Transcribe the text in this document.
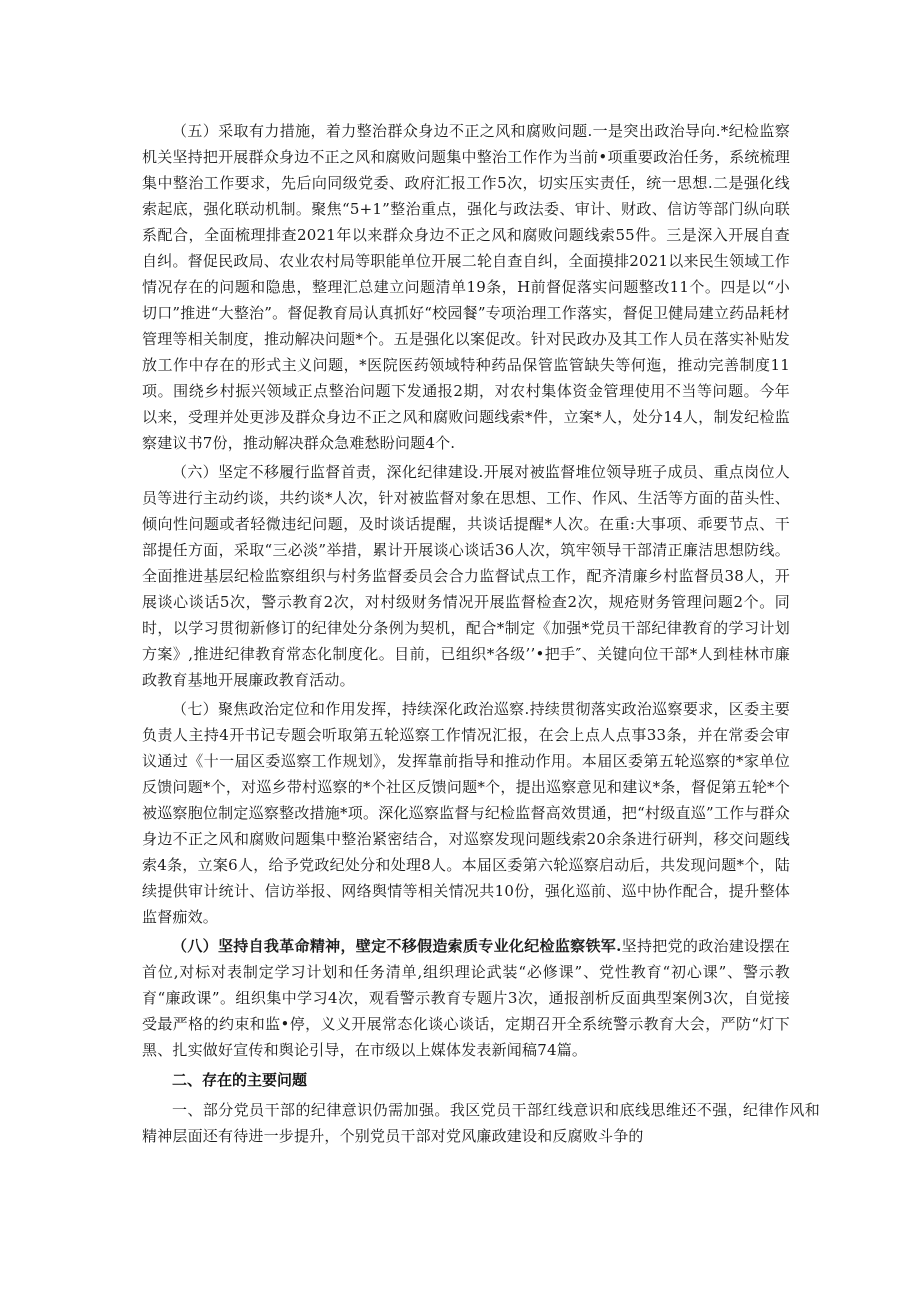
（五）采取有力措施，着力整治群众身边不正之风和腐败问题.一是突出政治导向.*纪检监察机关坚持把开展群众身边不正之风和腐败问题集中整治工作作为当前•项重要政治任务，系统梳理集中整治工作要求，先后向同级党委、政府汇报工作5次，切实压实责任，统一思想.二是强化线索起底，强化联动机制。聚焦“5+1”整治重点，强化与政法委、审计、财政、信访等部门纵向联系配合，全面梳理排查2021年以来群众身边不正之风和腐败问题线索55件。三是深入开展自查自纠。督促民政局、农业农村局等职能单位开展二轮自查自纠，全面摸排2021以来民生领域工作情况存在的问题和隐患，整理汇总建立问题清单19条，H前督促落实问题整改11个。四是以“小切口”推进“大整治”。督促教育局认真抓好“校园餐”专项治理工作落实，督促卫健局建立药品耗材管理等相关制度，推动解决问题*个。五是强化以案促改。针对民政办及其工作人员在落实补贴发放工作中存在的形式主义问题，*医院医药领域特种药品保管监管缺失等何迤，推动完善制度11项。围绕乡村振兴领域正点整治问题下发通报2期，对农村集体资金管理使用不当等问题。今年以来，受理并处更涉及群众身边不正之风和腐败问题线索*件，立案*人，处分14人，制发纪检监察建议书7份，推动解决群众急难愁盼问题4个.

（六）坚定不移履行监督首责，深化纪律建设.开展对被监督堆位领导班子成员、重点岗位人员等进行主动约谈，共约谈*人次，针对被监督对象在思想、工作、作风、生活等方面的苗头性、倾向性问题或者轻微违纪问题，及时谈话提醒，共谈话提醒*人次。在重:大事项、乖要节点、干部提任方面，采取“三必淡”举措，累计开展谈心谈话36人次，筑牢领导干部清正廉洁思想防线。全面推进基层纪检监察组织与村务监督委员会合力监督试点工作，配齐清廉乡村监督员38人，开展谈心谈话5次，警示教育2次，对村级财务情况开展监督检查2次，规疮财务管理问题2个。同时，以学习贯彻新修订的纪律处分条例为契机，配合*制定《加强*党员干部纪律教育的学习计划方案》,推进纪律教育常态化制度化。目前，已组织*各级’’•把手″、关键向位干部*人到桂林市廉政教育基地开展廉政教育活动。

（七）聚焦政治定位和作用发挥，持续深化政治巡察.持续贯彻落实政治巡察要求，区委主要负责人主持4开书记专题会听取第五轮巡察工作情况汇报，在会上点人点事33条，并在常委会审议通过《十一届区委巡察工作规划》，发挥靠前指导和推动作用。本届区委第五轮巡察的*家单位反馈问题*个，对巡乡带村巡察的*个社区反馈问题*个，提出巡察意见和建议*条，督促第五轮*个被巡察胞位制定巡察整改措施*项。深化巡察监督与纪检监督高效贯通，把“村级直巡”工作与群众身边不正之风和腐败问题集中整治紧密结合，对巡察发现问题线索20余条进行研判，移交问题线索4条，立案6人，给予党政纪处分和处理8人。本届区委第六轮巡察启动后，共发现问题*个，陆续提供审计统计、信访举报、网络舆情等相关情况共10份，强化巡前、巡中协作配合，提升整体监督痂效。

（八）坚持自我革命精神，壁定不移假造索质专业化纪检监察铁军.坚持把党的政治建设摆在首位,对标对表制定学习计划和任务清单,组织理论武装“必修课”、党性教育“初心课”、警示教育“廉政课”。组织集中学习4次，观看警示教育专题片3次，通报剖析反面典型案例3次，自觉接受最严格的约束和监•停，义义开展常态化谈心谈话，定期召开全系统警示教育大会，严防“灯下黑、扎实做好宣传和舆论引导，在市级以上媒体发表新闻稿74篇。

二、存在的主要问题

一、部分党员干部的纪律意识仍需加强。我区党员干部红线意识和底线思维还不强，纪律作风和精神层面还有待进一步提升，个别党员干部对党风廉政建设和反腐败斗争的
